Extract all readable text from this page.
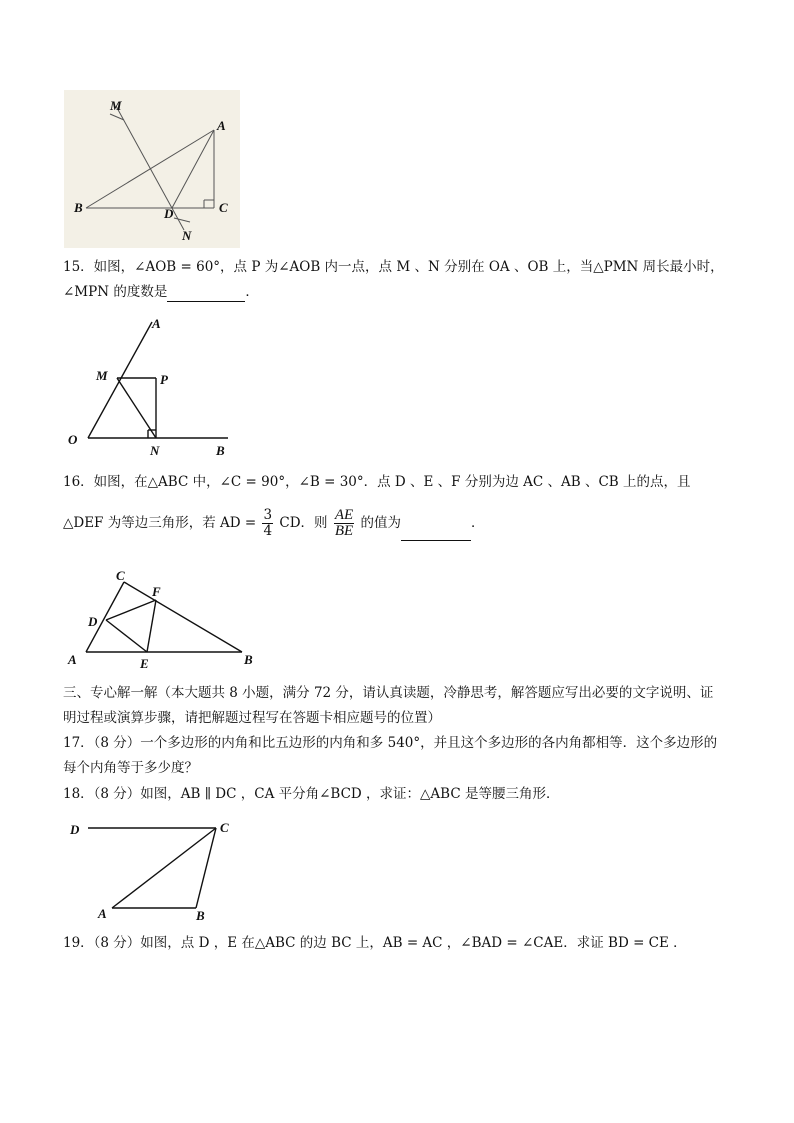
M
A
B	D	C
N
15．如图，∠AOB = 60°，点 P 为∠AOB 内一点，点 M 、N 分别在 OA 、OB 上，当△PMN 周长最小时，
∠MPN 的度数是	．
A
M	P
O
N	B
16．如图，在△ABC 中，∠C = 90°，∠B = 30°．点 D 、E 、F 分别为边 AC 、AB 、CB 上的点，且
△DEF 为等边三角形，若 AD = $\frac{3}{4}$ CD．则 $\frac{AE}{BE}$ 的值为	．
C
F
D
A	E	B
三、专心解一解（本大题共 8 小题，满分 72 分，请认真读题，冷静思考，解答题应写出必要的文字说明、证
明过程或演算步骤，请把解题过程写在答题卡相应题号的位置）
17．（8 分）一个多边形的内角和比五边形的内角和多 540°，并且这个多边形的各内角都相等．这个多边形的
每个内角等于多少度？
18．（8 分）如图，AB ∥ DC ，CA 平分角∠BCD ，求证：△ABC 是等腰三角形．
D	C
A	B
19．（8 分）如图，点 D ，E 在△ABC 的边 BC 上，AB = AC ，∠BAD = ∠CAE．求证 BD = CE ．
